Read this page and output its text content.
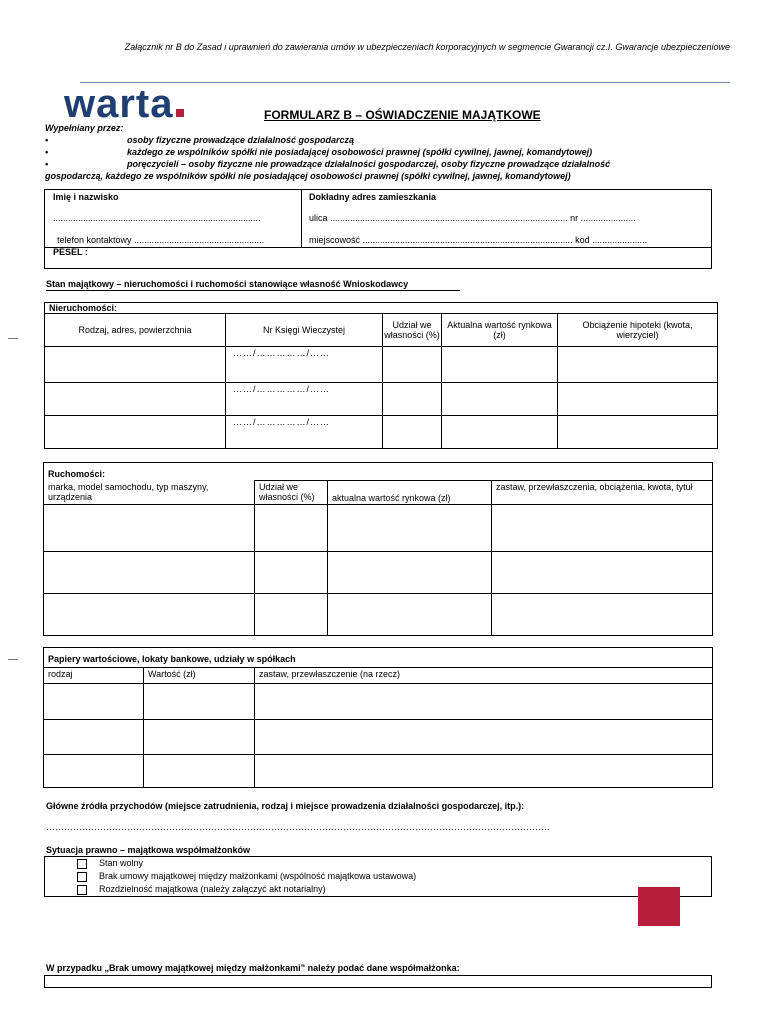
Załącznik nr B do Zasad i uprawnień do zawierania umów w ubezpieczeniach korporacyjnych w segmencie Gwarancji cz.I. Gwarancje ubezpieczeniowe
warta	FORMULARZ B – OŚWIADCZENIE MAJĄTKOWE
Wypełniany przez:
•	osoby fizyczne prowadzące działalność gospodarczą
•	każdego ze wspólników spółki nie posiadającej osobowości prawnej (spółki cywilnej, jawnej, komandytowej)
•	poręczycieli – osoby fizyczne nie prowadzące działalności gospodarczej, osoby fizyczne prowadzące działalność
gospodarczą, każdego ze wspólników spółki nie posiadającej osobowości prawnej (spółki cywilnej, jawnej, komandytowej)
Imię i nazwisko
...................................................................................
telefon kontaktowy ....................................................
Dokładny adres zamieszkania
ulica ............................................................................................... nr ......................
miejscowość .................................................................................... kod ......................
PESEL :
Stan majątkowy – nieruchomości i ruchomości stanowiące własność Wnioskodawcy
Nieruchomości:				
Rodzaj, adres, powierzchnia	Nr Księgi Wieczystej	Udział we własności (%)	Aktualna wartość rynkowa (zł)	Obciążenie hipoteki (kwota, wierzyciel)
	……/……………/……			
	……/……………/……			
	……/……………/……			
Ruchomości:			
marka, model samochodu, typ maszyny, urządzenia	Udział we własności (%)	aktualna wartość rynkowa (zł)	zastaw, przewłaszczenia, obciążenia, kwota, tytuł

Papiery wartościowe, lokaty bankowe, udziały w spółkach		
rodzaj	Wartość (zł)	zastaw, przewłaszczenie (na rzecz)

Główne źródła przychodów (miejsce zatrudnienia, rodzaj i miejsce prowadzenia działalności gospodarczej, itp.):
……………………………………………………………………………………………………………………………………………………
Sytuacja prawno – majątkowa współmałżonków
Stan wolny
Brak umowy majątkowej między małżonkami (wspólność majątkowa ustawowa)
Rozdzielność majątkowa (należy załączyć akt notarialny)
W przypadku „Brak umowy majątkowej między małżonkami” należy podać dane współmałżonka:
